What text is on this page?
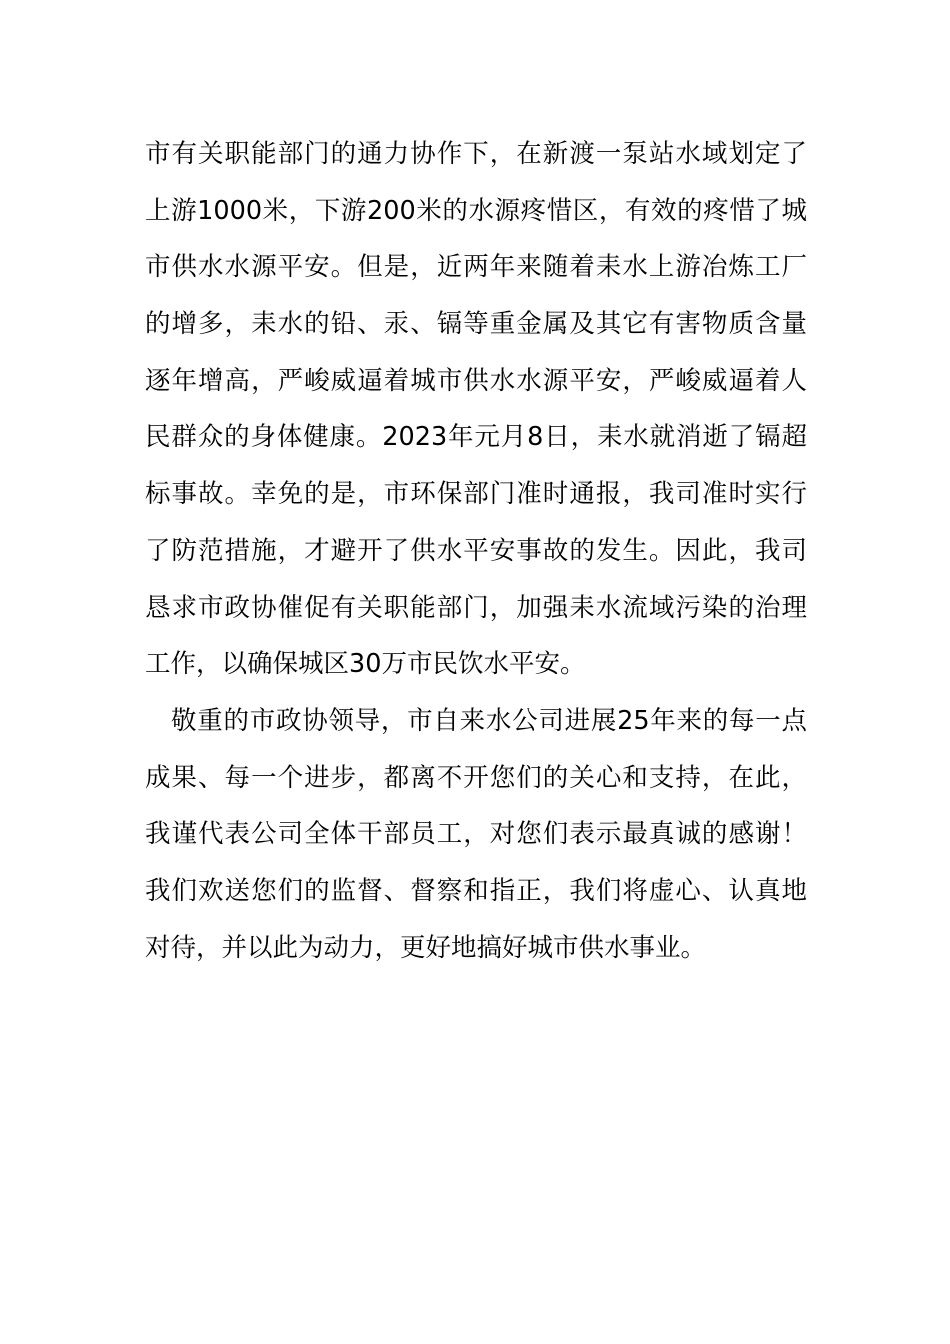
市有关职能部门的通力协作下，在新渡一泵站水域划定了
上游1000米，下游200米的水源疼惜区，有效的疼惜了城
市供水水源平安。但是，近两年来随着耒水上游冶炼工厂
的增多，耒水的铅、汞、镉等重金属及其它有害物质含量
逐年增高，严峻威逼着城市供水水源平安，严峻威逼着人
民群众的身体健康。2023年元月8日，耒水就消逝了镉超
标事故。幸免的是，市环保部门准时通报，我司准时实行
了防范措施，才避开了供水平安事故的发生。因此，我司
恳求市政协催促有关职能部门，加强耒水流域污染的治理
工作，以确保城区30万市民饮水平安。
敬重的市政协领导，市自来水公司进展25年来的每一点
成果、每一个进步，都离不开您们的关心和支持，在此，
我谨代表公司全体干部员工，对您们表示最真诚的感谢！
我们欢送您们的监督、督察和指正，我们将虚心、认真地
对待，并以此为动力，更好地搞好城市供水事业。
